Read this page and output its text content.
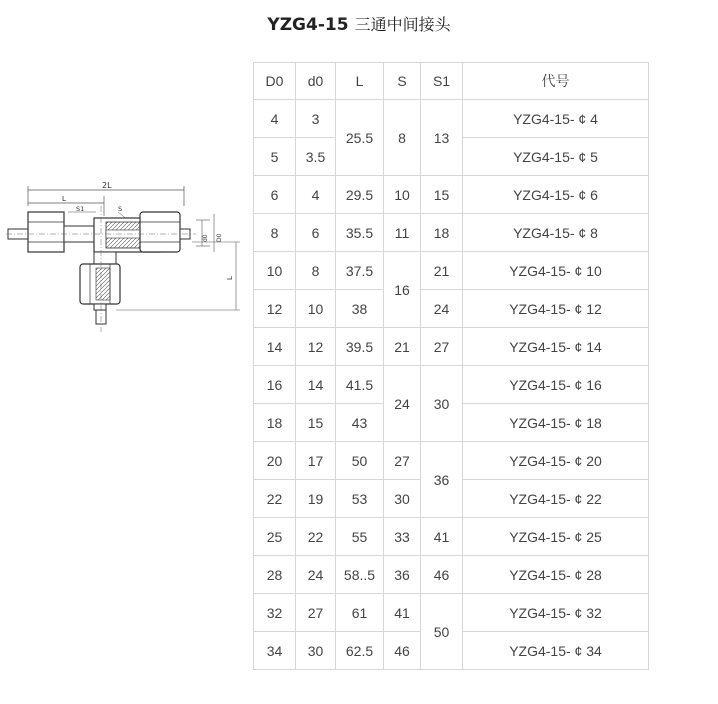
YZG4-15 三通中间接头
2L
L
S1	S
d0 D0
L
D0	d0	L	S	S1	代号
4	3	25.5	8	13	YZG4-15- ¢ 4
5	3.5				YZG4-15- ¢ 5
6	4	29.5	10	15	YZG4-15- ¢ 6
8	6	35.5	11	18	YZG4-15- ¢ 8
10	8	37.5	16	21	YZG4-15- ¢ 10
12	10	38		24	YZG4-15- ¢ 12
14	12	39.5	21	27	YZG4-15- ¢ 14
16	14	41.5	24	30	YZG4-15- ¢ 16
18	15	43			YZG4-15- ¢ 18
20	17	50	27	36	YZG4-15- ¢ 20
22	19	53	30		YZG4-15- ¢ 22
25	22	55	33	41	YZG4-15- ¢ 25
28	24	58..5	36	46	YZG4-15- ¢ 28
32	27	61	41	50	YZG4-15- ¢ 32
34	30	62.5	46		YZG4-15- ¢ 34
